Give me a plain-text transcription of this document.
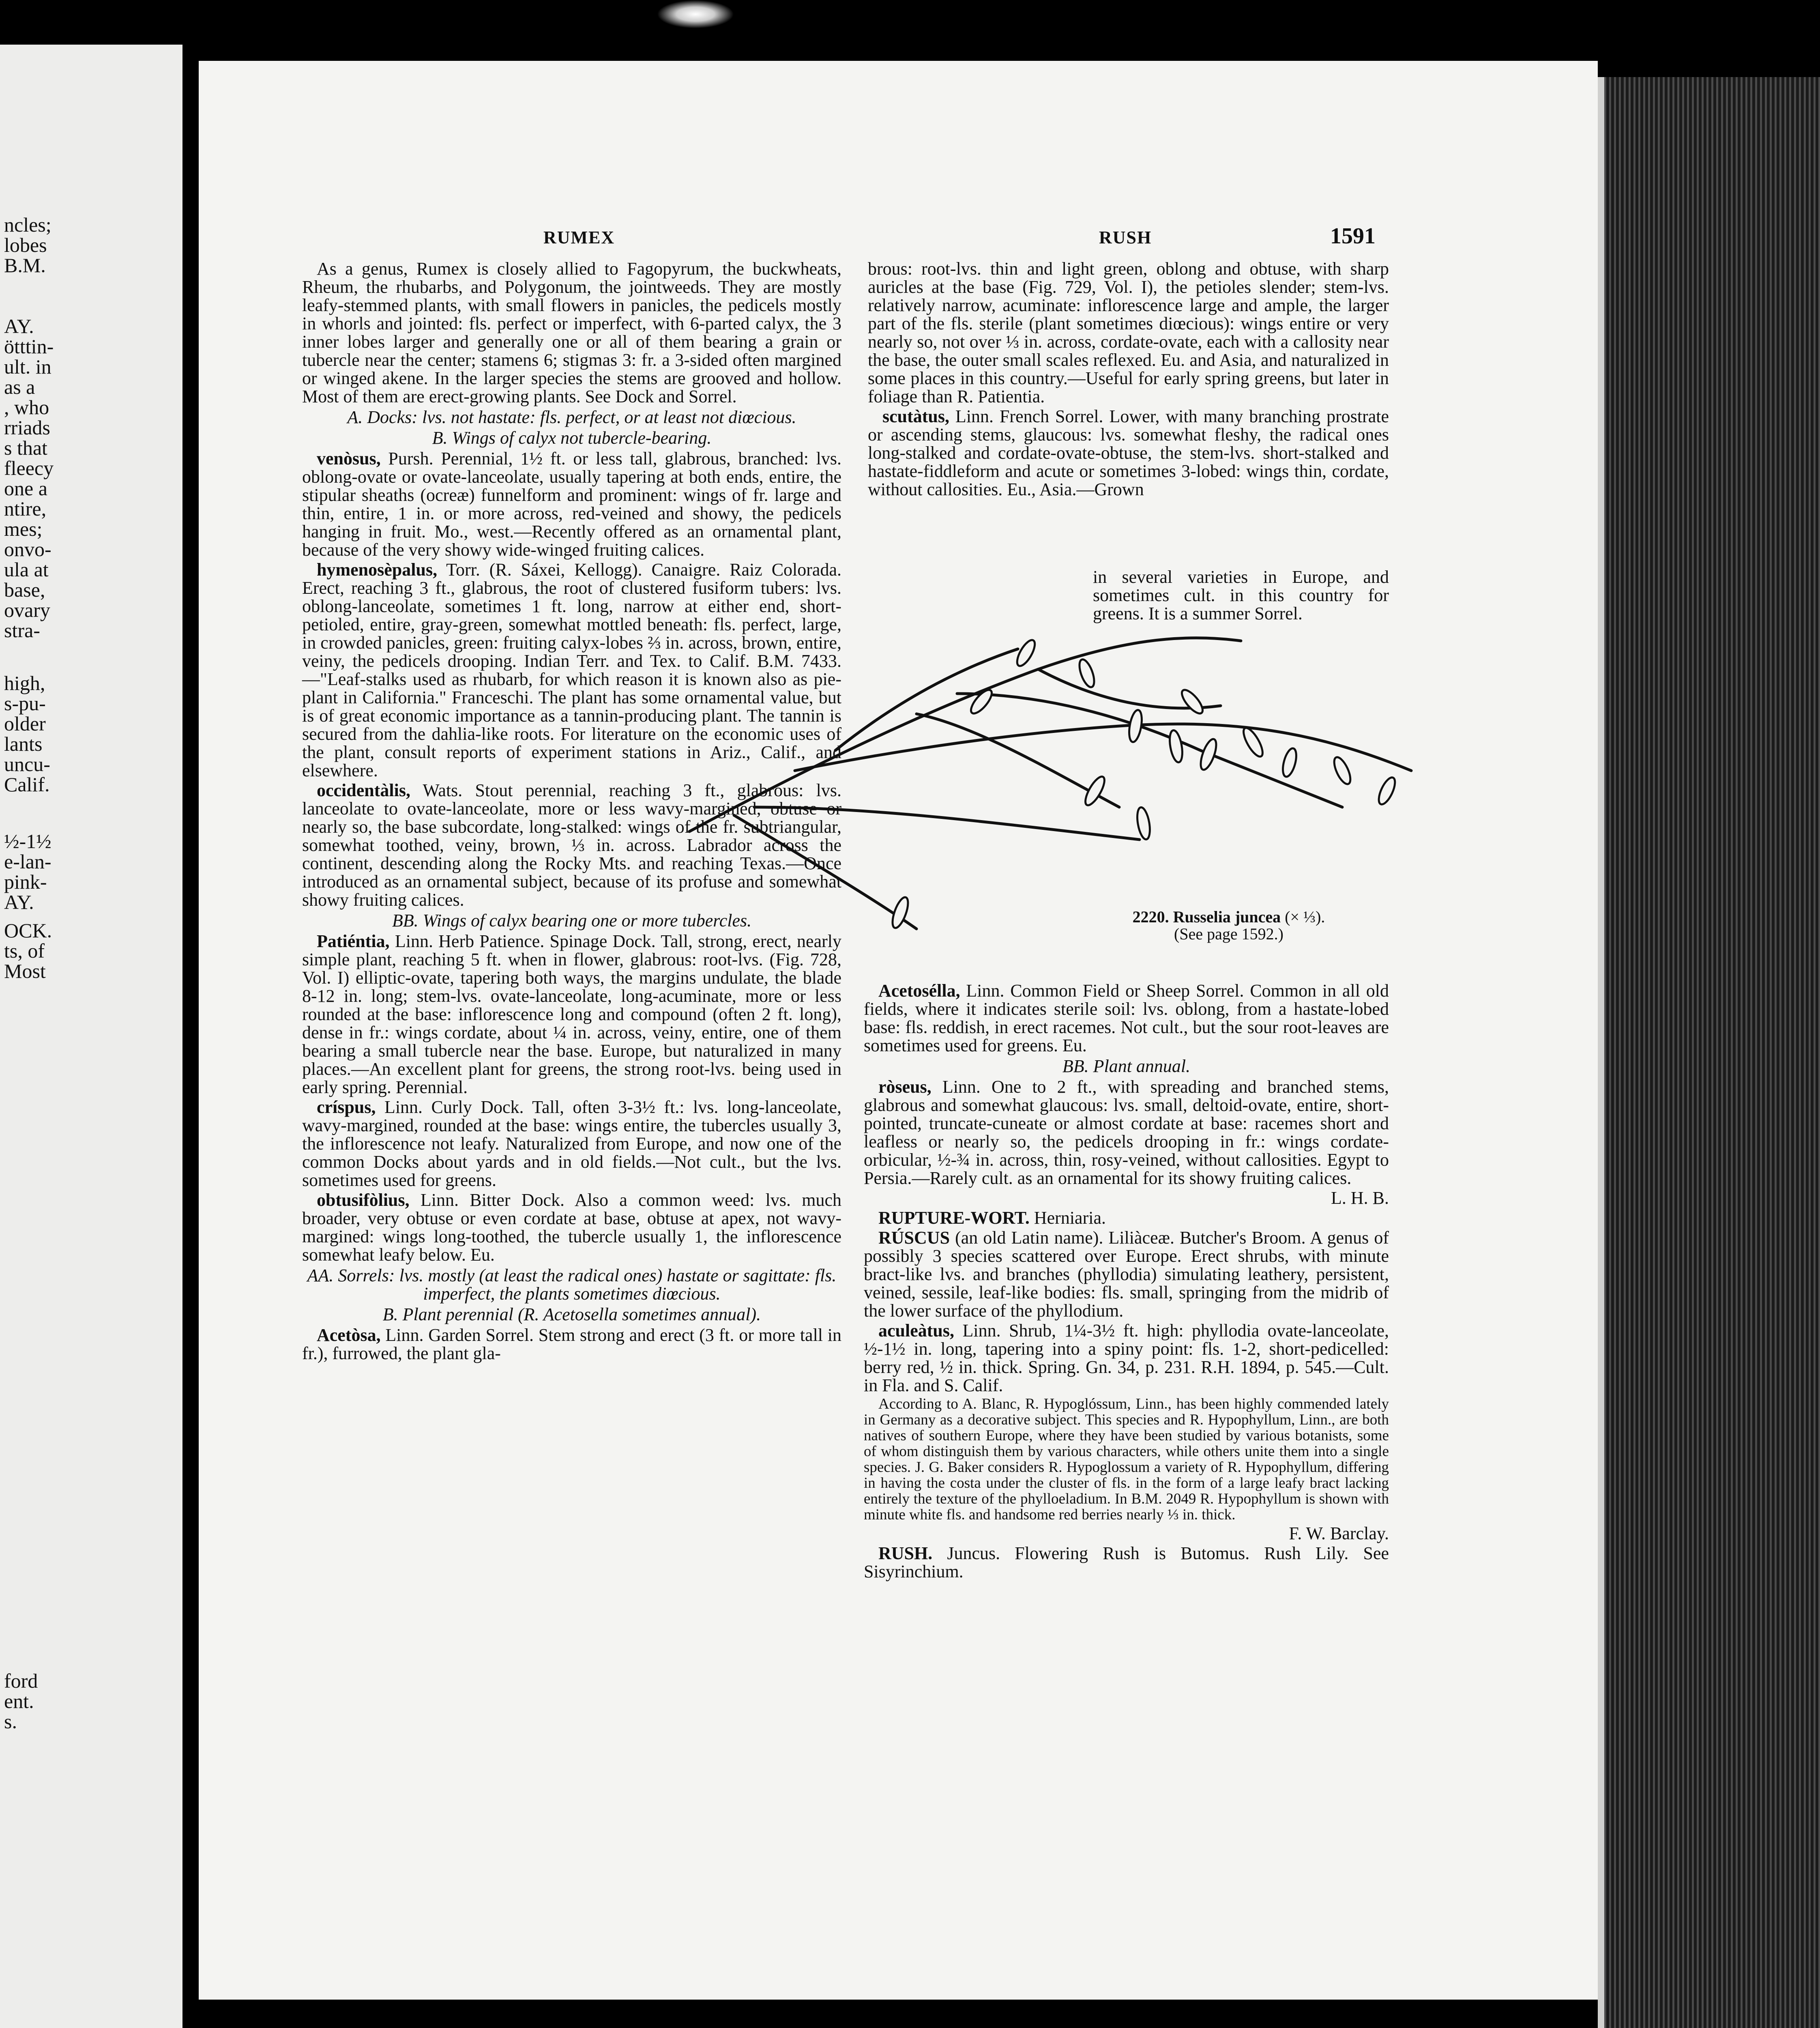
ncles;
lobes
B.M.
AY.
ötttin-
ult. in
as a
, who
rriads
s that
fleecy
one a
ntire,
mes;
onvo-
ula at
base,
ovary
stra-
high,
s-pu-
older
lants
uncu-
Calif.
½-1½
e-lan-
pink-
AY.
OCK.
ts, of
Most
ford
ent.
s.
RUMEX	RUSH	1591

As a genus, Rumex is closely allied to Fagopyrum, the buckwheats, Rheum, the rhubarbs, and Polygonum, the jointweeds. They are mostly leafy-stemmed plants, with small flowers in panicles, the pedicels mostly in whorls and jointed: fls. perfect or imperfect, with 6-parted calyx, the 3 inner lobes larger and generally one or all of them bearing a grain or tubercle near the center; stamens 6; stigmas 3: fr. a 3-sided often margined or winged akene. In the larger species the stems are grooved and hollow. Most of them are erect-growing plants. See Dock and Sorrel.

A. Docks: lvs. not hastate: fls. perfect, or at least not diœcious.

B. Wings of calyx not tubercle-bearing.

venòsus, Pursh. Perennial, 1½ ft. or less tall, glabrous, branched: lvs. oblong-ovate or ovate-lanceolate, usually tapering at both ends, entire, the stipular sheaths (ocreæ) funnelform and prominent: wings of fr. large and thin, entire, 1 in. or more across, red-veined and showy, the pedicels hanging in fruit. Mo., west.—Recently offered as an ornamental plant, because of the very showy wide-winged fruiting calices.

hymenosèpalus, Torr. (R. Sáxei, Kellogg). Canaigre. Raiz Colorada. Erect, reaching 3 ft., glabrous, the root of clustered fusiform tubers: lvs. oblong-lanceolate, sometimes 1 ft. long, narrow at either end, short-petioled, entire, gray-green, somewhat mottled beneath: fls. perfect, large, in crowded panicles, green: fruiting calyx-lobes ⅔ in. across, brown, entire, veiny, the pedicels drooping. Indian Terr. and Tex. to Calif. B.M. 7433.—"Leaf-stalks used as rhubarb, for which reason it is known also as pie-plant in California." Franceschi. The plant has some ornamental value, but is of great economic importance as a tannin-producing plant. The tannin is secured from the dahlia-like roots. For literature on the economic uses of the plant, consult reports of experiment stations in Ariz., Calif., and elsewhere.

occidentàlis, Wats. Stout perennial, reaching 3 ft., glabrous: lvs. lanceolate to ovate-lanceolate, more or less wavy-margined, obtuse or nearly so, the base subcordate, long-stalked: wings of the fr. subtriangular, somewhat toothed, veiny, brown, ⅓ in. across. Labrador across the continent, descending along the Rocky Mts. and reaching Texas.—Once introduced as an ornamental subject, because of its profuse and somewhat showy fruiting calices.

BB. Wings of calyx bearing one or more tubercles.

Patiéntia, Linn. Herb Patience. Spinage Dock. Tall, strong, erect, nearly simple plant, reaching 5 ft. when in flower, glabrous: root-lvs. (Fig. 728, Vol. I) elliptic-ovate, tapering both ways, the margins undulate, the blade 8-12 in. long; stem-lvs. ovate-lanceolate, long-acuminate, more or less rounded at the base: inflorescence long and compound (often 2 ft. long), dense in fr.: wings cordate, about ¼ in. across, veiny, entire, one of them bearing a small tubercle near the base. Europe, but naturalized in many places.—An excellent plant for greens, the strong root-lvs. being used in early spring. Perennial.

críspus, Linn. Curly Dock. Tall, often 3-3½ ft.: lvs. long-lanceolate, wavy-margined, rounded at the base: wings entire, the tubercles usually 3, the inflorescence not leafy. Naturalized from Europe, and now one of the common Docks about yards and in old fields.—Not cult., but the lvs. sometimes used for greens.

obtusifòlius, Linn. Bitter Dock. Also a common weed: lvs. much broader, very obtuse or even cordate at base, obtuse at apex, not wavy-margined: wings long-toothed, the tubercle usually 1, the inflorescence somewhat leafy below. Eu.

AA. Sorrels: lvs. mostly (at least the radical ones) hastate or sagittate: fls. imperfect, the plants sometimes diœcious.

B. Plant perennial (R. Acetosella sometimes annual).

Acetòsa, Linn. Garden Sorrel. Stem strong and erect (3 ft. or more tall in fr.), furrowed, the plant gla-

brous: root-lvs. thin and light green, oblong and obtuse, with sharp auricles at the base (Fig. 729, Vol. I), the petioles slender; stem-lvs. relatively narrow, acuminate: inflorescence large and ample, the larger part of the fls. sterile (plant sometimes diœcious): wings entire or very nearly so, not over ⅓ in. across, cordate-ovate, each with a callosity near the base, the outer small scales reflexed. Eu. and Asia, and naturalized in some places in this country.—Useful for early spring greens, but later in foliage than R. Patientia.

scutàtus, Linn. French Sorrel. Lower, with many branching prostrate or ascending stems, glaucous: lvs. somewhat fleshy, the radical ones long-stalked and cordate-ovate-obtuse, the stem-lvs. short-stalked and hastate-fiddleform and acute or sometimes 3-lobed: wings thin, cordate, without callosities. Eu., Asia.—Grown

in several varieties in Europe, and sometimes cult. in this country for greens. It is a summer Sorrel.
2220. Russelia juncea (× ⅓).
(See page 1592.)

Acetosélla, Linn. Common Field or Sheep Sorrel. Common in all old fields, where it indicates sterile soil: lvs. oblong, from a hastate-lobed base: fls. reddish, in erect racemes. Not cult., but the sour root-leaves are sometimes used for greens. Eu.

BB. Plant annual.

ròseus, Linn. One to 2 ft., with spreading and branched stems, glabrous and somewhat glaucous: lvs. small, deltoid-ovate, entire, short-pointed, truncate-cuneate or almost cordate at base: racemes short and leafless or nearly so, the pedicels drooping in fr.: wings cordate-orbicular, ½-¾ in. across, thin, rosy-veined, without callosities. Egypt to Persia.—Rarely cult. as an ornamental for its showy fruiting calices.

L. H. B.

RUPTURE-WORT. Herniaria.

RÚSCUS (an old Latin name). Liliàceæ. Butcher's Broom. A genus of possibly 3 species scattered over Europe. Erect shrubs, with minute bract-like lvs. and branches (phyllodia) simulating leathery, persistent, veined, sessile, leaf-like bodies: fls. small, springing from the midrib of the lower surface of the phyllodium.

aculeàtus, Linn. Shrub, 1¼-3½ ft. high: phyllodia ovate-lanceolate, ½-1½ in. long, tapering into a spiny point: fls. 1-2, short-pedicelled: berry red, ½ in. thick. Spring. Gn. 34, p. 231. R.H. 1894, p. 545.—Cult. in Fla. and S. Calif.

According to A. Blanc, R. Hypoglóssum, Linn., has been highly commended lately in Germany as a decorative subject. This species and R. Hypophyllum, Linn., are both natives of southern Europe, where they have been studied by various botanists, some of whom distinguish them by various characters, while others unite them into a single species. J. G. Baker considers R. Hypoglossum a variety of R. Hypophyllum, differing in having the costa under the cluster of fls. in the form of a large leafy bract lacking entirely the texture of the phylloeladium. In B.M. 2049 R. Hypophyllum is shown with minute white fls. and handsome red berries nearly ⅓ in. thick.

F. W. Barclay.

RUSH. Juncus. Flowering Rush is Butomus. Rush Lily. See Sisyrinchium.
